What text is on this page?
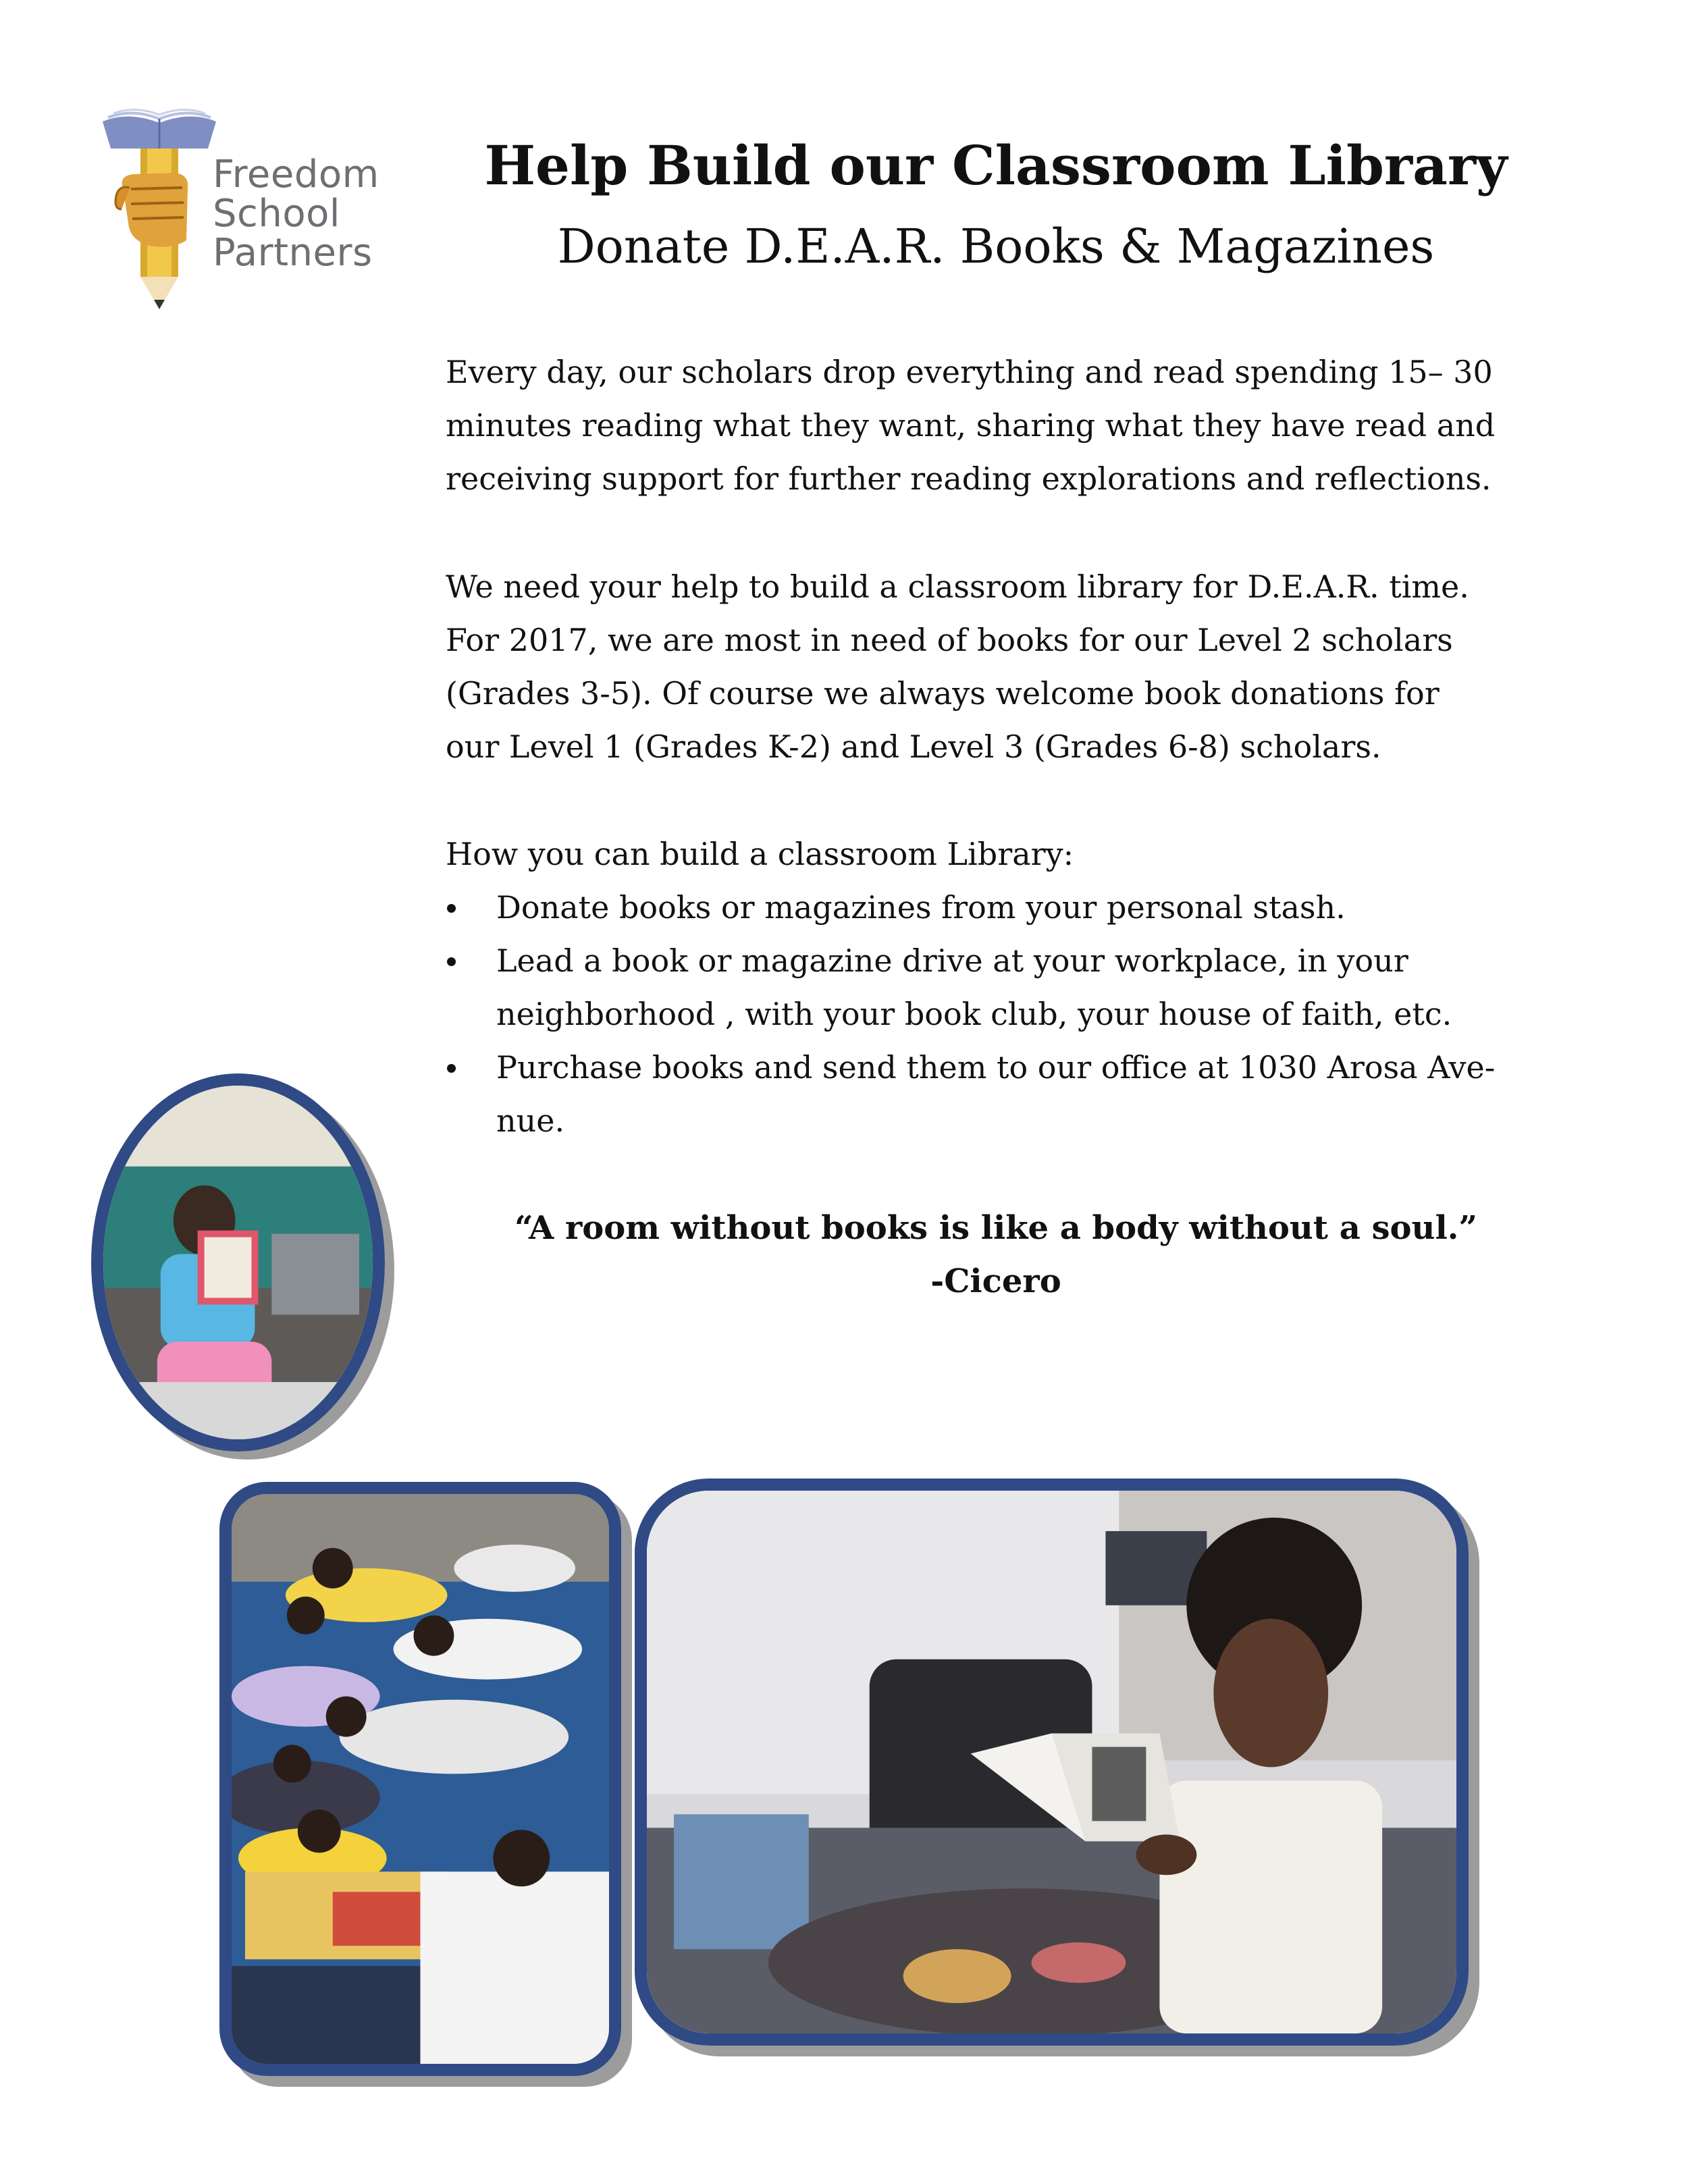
Freedom
School
Partners
Help Build our Classroom Library
Donate D.E.A.R. Books & Magazines
Every day, our scholars drop everything and read spending 15– 30
minutes reading what they want, sharing what they have read and
receiving support for further reading explorations and reflections.
We need your help to build a classroom library for D.E.A.R. time.
For 2017, we are most in need of books for our Level 2 scholars
(Grades 3-5). Of course we always welcome book donations for
our Level 1 (Grades K-2) and Level 3 (Grades 6-8) scholars.
How you can build a classroom Library:
Donate books or magazines from your personal stash.
Lead a book or magazine drive at your workplace, in your
neighborhood , with your book club, your house of faith, etc.
Purchase books and send them to our office at 1030 Arosa Ave-
nue.
“A room without books is like a body without a soul.”
-Cicero
